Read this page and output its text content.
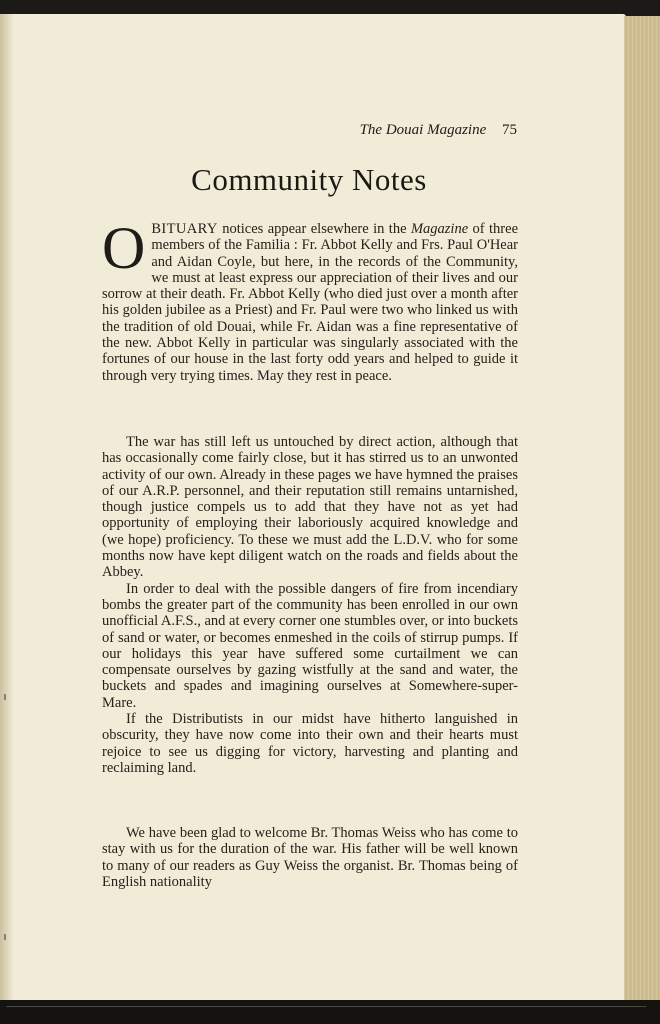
The Douai Magazine 75
Community Notes

OBITUARY notices appear elsewhere in the Magazine of three members of the Familia : Fr. Abbot Kelly and Frs. Paul O'Hear and Aidan Coyle, but here, in the records of the Community, we must at least express our appreciation of their lives and our sorrow at their death. Fr. Abbot Kelly (who died just over a month after his golden jubilee as a Priest) and Fr. Paul were two who linked us with the tradition of old Douai, while Fr. Aidan was a fine representative of the new. Abbot Kelly in particular was singularly associated with the fortunes of our house in the last forty odd years and helped to guide it through very trying times. May they rest in peace.

The war has still left us untouched by direct action, although that has occasionally come fairly close, but it has stirred us to an unwonted activity of our own. Already in these pages we have hymned the praises of our A.R.P. personnel, and their reputation still remains untarnished, though justice compels us to add that they have not as yet had opportunity of employing their laboriously acquired knowledge and (we hope) proficiency. To these we must add the L.D.V. who for some months now have kept diligent watch on the roads and fields about the Abbey.

In order to deal with the possible dangers of fire from incendiary bombs the greater part of the community has been enrolled in our own unofficial A.F.S., and at every corner one stumbles over, or into buckets of sand or water, or becomes enmeshed in the coils of stirrup pumps. If our holidays this year have suffered some curtailment we can compensate ourselves by gazing wistfully at the sand and water, the buckets and spades and imagining ourselves at Somewhere-super-Mare.

If the Distributists in our midst have hitherto languished in obscurity, they have now come into their own and their hearts must rejoice to see us digging for victory, harvesting and planting and reclaiming land.

We have been glad to welcome Br. Thomas Weiss who has come to stay with us for the duration of the war. His father will be well known to many of our readers as Guy Weiss the organist. Br. Thomas being of English nationality
